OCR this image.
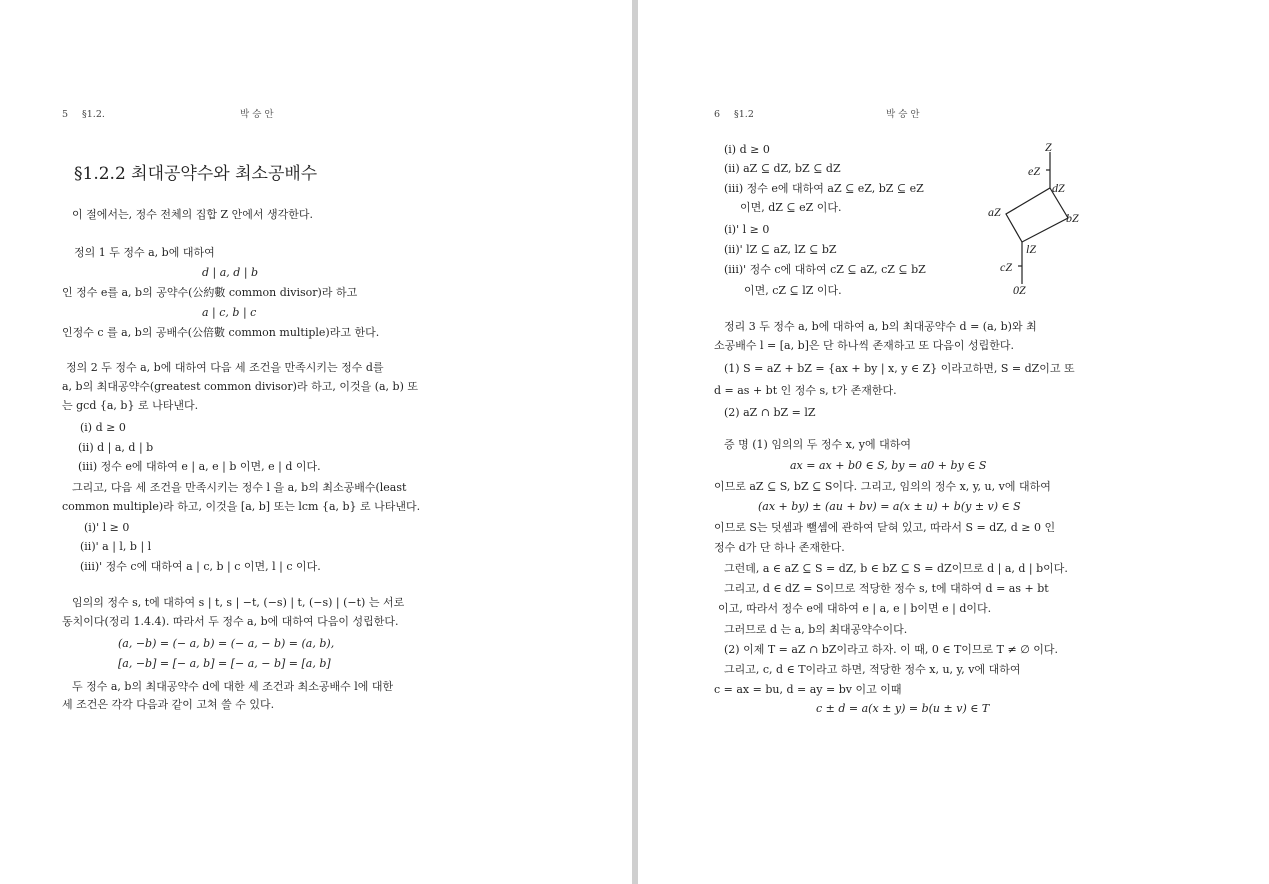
5 §1.2.	박 승 안
§1.2.2 최대공약수와 최소공배수
이 절에서는, 정수 전체의 집합 Z 안에서 생각한다.
정의 1 두 정수 a, b에 대하여
d | a, d | b
인 정수 e를 a, b의 공약수(公約數 common divisor)라 하고
a | c, b | c
인정수 c 를 a, b의 공배수(公倍數 common multiple)라고 한다.
정의 2 두 정수 a, b에 대하여 다음 세 조건을 만족시키는 정수 d를
a, b의 최대공약수(greatest common divisor)라 하고, 이것을 (a, b) 또
는 gcd {a, b} 로 나타낸다.
(i) d ≥ 0
(ii) d | a, d | b
(iii) 정수 e에 대하여 e | a, e | b 이면, e | d 이다.
그리고, 다음 세 조건을 만족시키는 정수 l 을 a, b의 최소공배수(least
common multiple)라 하고, 이것을 [a, b] 또는 lcm {a, b} 로 나타낸다.
(i)' l ≥ 0
(ii)' a | l, b | l
(iii)' 정수 c에 대하여 a | c, b | c 이면, l | c 이다.
임의의 정수 s, t에 대하여 s | t, s | −t, (−s) | t, (−s) | (−t) 는 서로
동치이다(정리 1.4.4). 따라서 두 정수 a, b에 대하여 다음이 성립한다.
(a, −b) = (− a, b) = (− a, − b) = (a, b),
[a, −b] = [− a, b] = [− a, − b] = [a, b]
두 정수 a, b의 최대공약수 d에 대한 세 조건과 최소공배수 l에 대한
세 조건은 각각 다음과 같이 고쳐 쓸 수 있다.
6 §1.2	박 승 안
(i) d ≥ 0
(ii) aZ ⊆ dZ, bZ ⊆ dZ
(iii) 정수 e에 대하여 aZ ⊆ eZ, bZ ⊆ eZ
이면, dZ ⊆ eZ 이다.
(i)' l ≥ 0
(ii)' lZ ⊆ aZ, lZ ⊆ bZ
(iii)' 정수 c에 대하여 cZ ⊆ aZ, cZ ⊆ bZ
이면, cZ ⊆ lZ 이다.
Z
eZ
dZ
aZ	bZ
lZ
cZ
0Z
정리 3 두 정수 a, b에 대하여 a, b의 최대공약수 d = (a, b)와 최
소공배수 l = [a, b]은 단 하나씩 존재하고 또 다음이 성립한다.
(1) S = aZ + bZ = {ax + by | x, y ∈ Z} 이라고하면, S = dZ이고 또
d = as + bt 인 정수 s, t가 존재한다.
(2) aZ ∩ bZ = lZ
증 명 (1) 임의의 두 정수 x, y에 대하여
ax = ax + b0 ∈ S, by = a0 + by ∈ S
이므로 aZ ⊆ S, bZ ⊆ S이다. 그리고, 임의의 정수 x, y, u, v에 대하여
(ax + by) ± (au + bv) = a(x ± u) + b(y ± v) ∈ S
이므로 S는 덧셈과 뺄셈에 관하여 닫혀 있고, 따라서 S = dZ, d ≥ 0 인
정수 d가 단 하나 존재한다.
그런데, a ∈ aZ ⊆ S = dZ, b ∈ bZ ⊆ S = dZ이므로 d | a, d | b이다.
그리고, d ∈ dZ = S이므로 적당한 정수 s, t에 대하여 d = as + bt
이고, 따라서 정수 e에 대하여 e | a, e | b이면 e | d이다.
그러므로 d 는 a, b의 최대공약수이다.
(2) 이제 T = aZ ∩ bZ이라고 하자. 이 때, 0 ∈ T이므로 T ≠ ∅ 이다.
그리고, c, d ∈ T이라고 하면, 적당한 정수 x, u, y, v에 대하여
c = ax = bu, d = ay = bv 이고 이때
c ± d = a(x ± y) = b(u ± v) ∈ T
